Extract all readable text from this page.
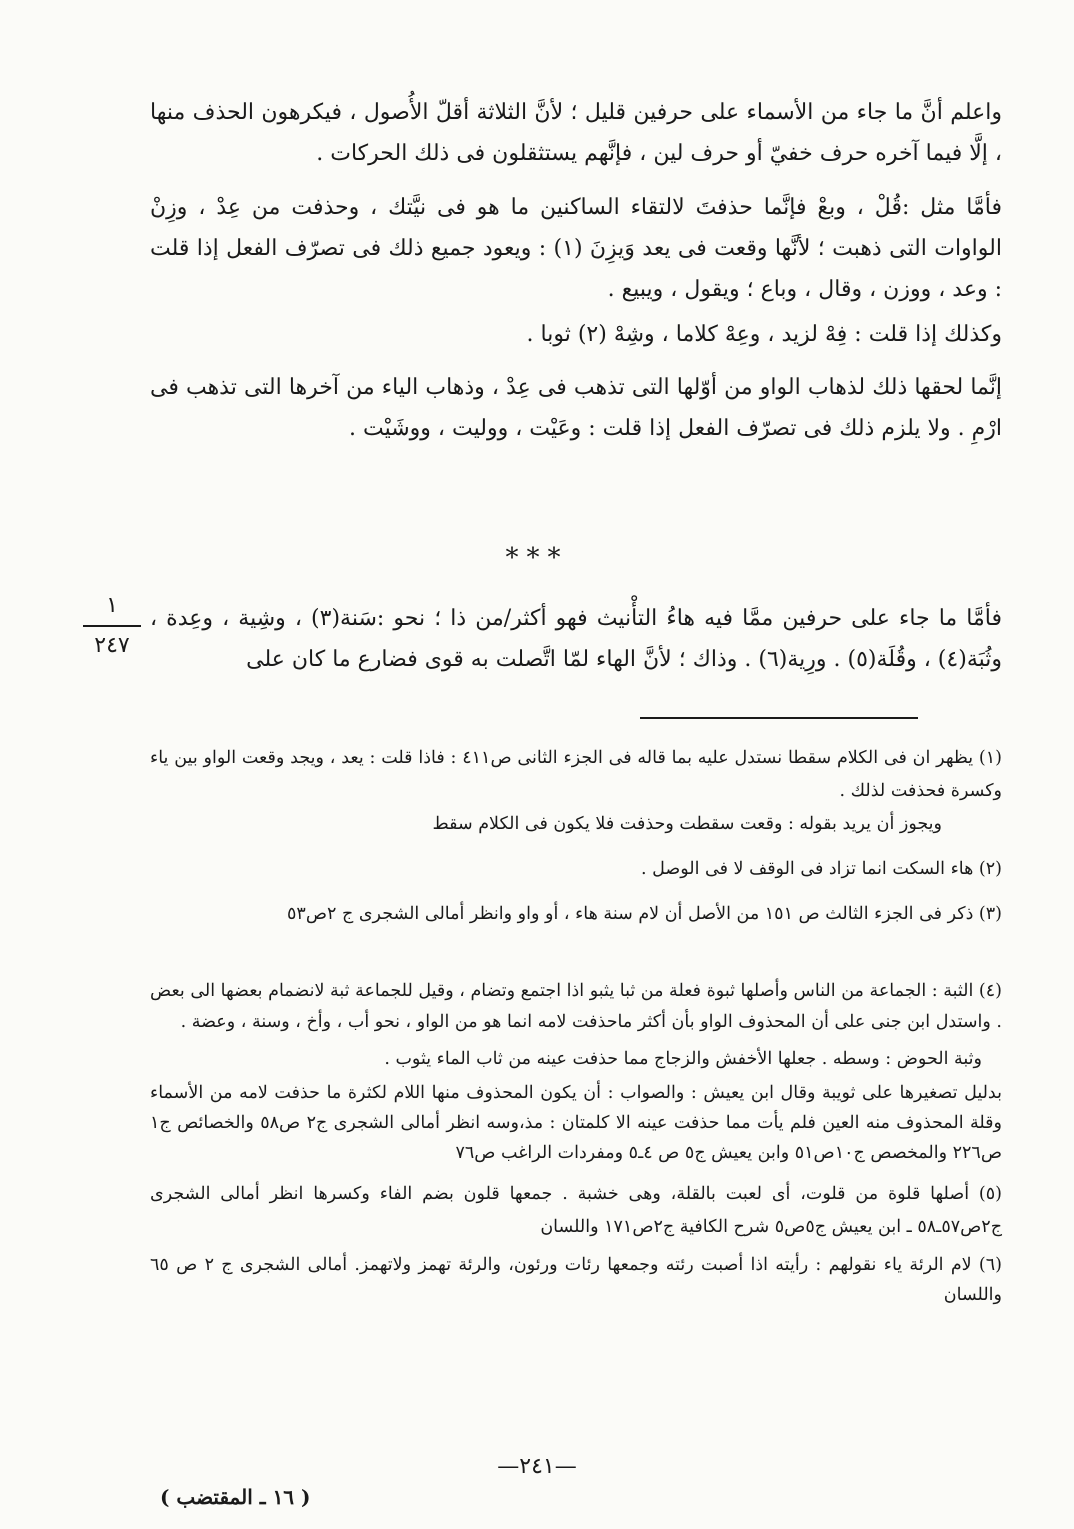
واعلم أنَّ ما جاء من الأسماء على حرفين قليل ؛ لأنَّ الثلاثة أقلّ الأُصول ، فيكرهون الحذف منها ، إلَّا فيما آخره حرف خفيّ أو حرف لين ، فإنَّهم يستثقلون فى ذلك الحركات .

فأمَّا مثل :قُلْ ، وبعْ فإنَّما حذفتَ لالتقاء الساكنين ما هو فى نيَّتك ، وحذفت من عِدْ ، وزِنْ الواوات التى ذهبت ؛ لأنَّها وقعت فى يعد وَيزِنَ (١) : ويعود جميع ذلك فى تصرّف الفعل إذا قلت : وعد ، ووزن ، وقال ، وباع ؛ ويقول ، ويبيع .

وكذلك إذا قلت : فِهْ لزيد ، وعِهْ كلاما ، وشِهْ (٢) ثوبا .

إنَّما لحقها ذلك لذهاب الواو من أوّلها التى تذهب فى عِدْ ، وذهاب الياء من آخرها التى تذهب فى ارْمِ . ولا يلزم ذلك فى تصرّف الفعل إذا قلت : وعَيْت ، ووليت ، ووشَيْت .

***

فأمَّا ما جاء على حرفين ممَّا فيه هاءُ التأْنيث فهو أكثر/من ذا ؛ نحو :سَنة(٣) ، وشِية ، وعِدة ، وثُبَة(٤) ، وقُلَة(٥) . ورِية(٦) . وذاك ؛ لأنَّ الهاء لمّا اتَّصلت به قوى فضارع ما كان على

١
٢٤٧

(١) يظهر ان فى الكلام سقطا نستدل عليه بما قاله فى الجزء الثانى ص٤١١ : فاذا قلت : يعد ، ويجد وقعت الواو بين ياء وكسرة فحذفت لذلك .

ويجوز أن يريد بقوله : وقعت سقطت وحذفت فلا يكون فى الكلام سقط

(٢) هاء السكت انما تزاد فى الوقف لا فى الوصل .

(٣) ذكر فى الجزء الثالث ص ١٥١ من الأصل أن لام سنة هاء ، أو واو وانظر أمالى الشجرى ج ٢ص٥٣

(٤) الثبة : الجماعة من الناس وأصلها ثبوة فعلة من ثبا يثبو اذا اجتمع وتضام ، وقيل للجماعة ثبة لانضمام بعضها الى بعض . واستدل ابن جنى على أن المحذوف الواو بأن أكثر ماحذفت لامه انما هو من الواو ، نحو أب ، وأخ ، وسنة ، وعضة .

وثبة الحوض : وسطه . جعلها الأخفش والزجاج مما حذفت عينه من ثاب الماء يثوب .

بدليل تصغيرها على ثويبة وقال ابن يعيش : والصواب : أن يكون المحذوف منها اللام لكثرة ما حذفت لامه من الأسماء وقلة المحذوف منه العين فلم يأت مما حذفت عينه الا كلمتان : مذ،وسه انظر أمالى الشجرى ج٢ ص٥٨ والخصائص ج١ ص٢٢٦ والمخصص ج١٠ص٥١ وابن يعيش ج٥ ص ٤ـ٥ ومفردات الراغب ص٧٦

(٥) أصلها قلوة من قلوت، أى لعبت بالقلة، وهى خشبة . جمعها قلون بضم الفاء وكسرها انظر أمالى الشجرى ج٢ص٥٧ـ٥٨ ـ ابن يعيش ج٥ص٥ شرح الكافية ج٢ص١٧١ واللسان

(٦) لام الرئة ياء نقولهم : رأيته اذا أصبت رئته وجمعها رئات ورئون، والرئة تهمز ولاتهمز. أمالى الشجرى ج ٢ ص ٦٥ واللسان

—٢٤١—
( ١٦ ـ المقتضب )
